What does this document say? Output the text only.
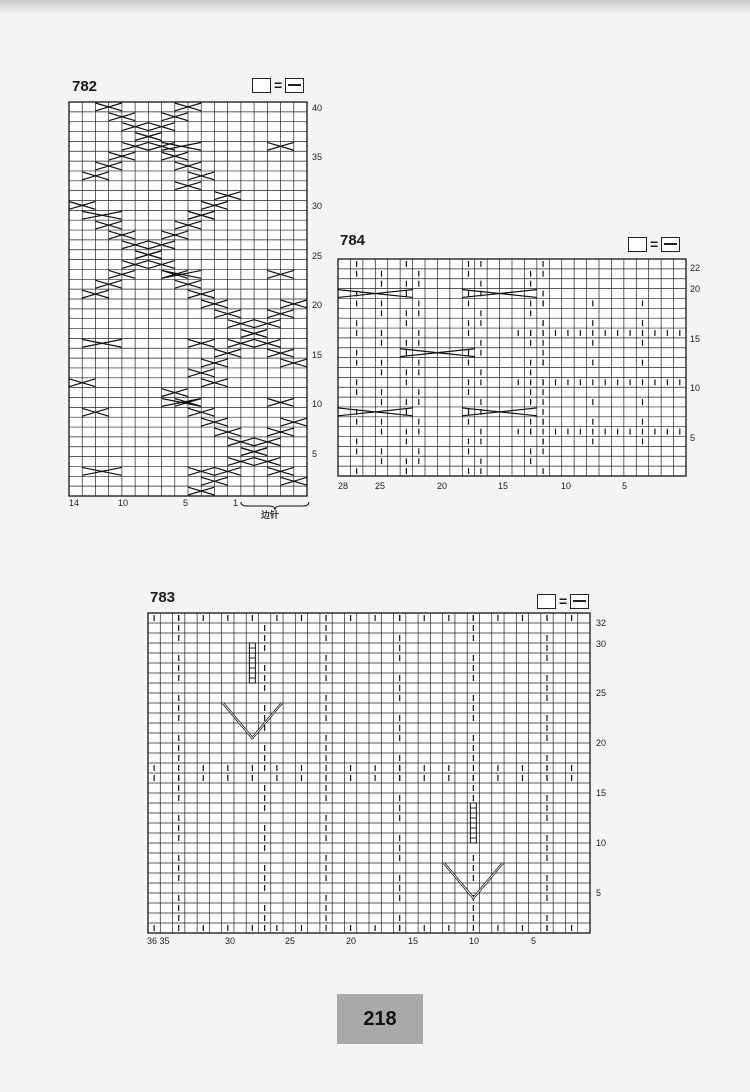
782	=
40
35
30
25
20
15
10
5
14	10	5	1
边针
784	=
22
20
15
10
5
28	25	20	15	10	5
783	=
32
30
25
20
15
10
5
36 35	30	25	20	15	10	5
218
